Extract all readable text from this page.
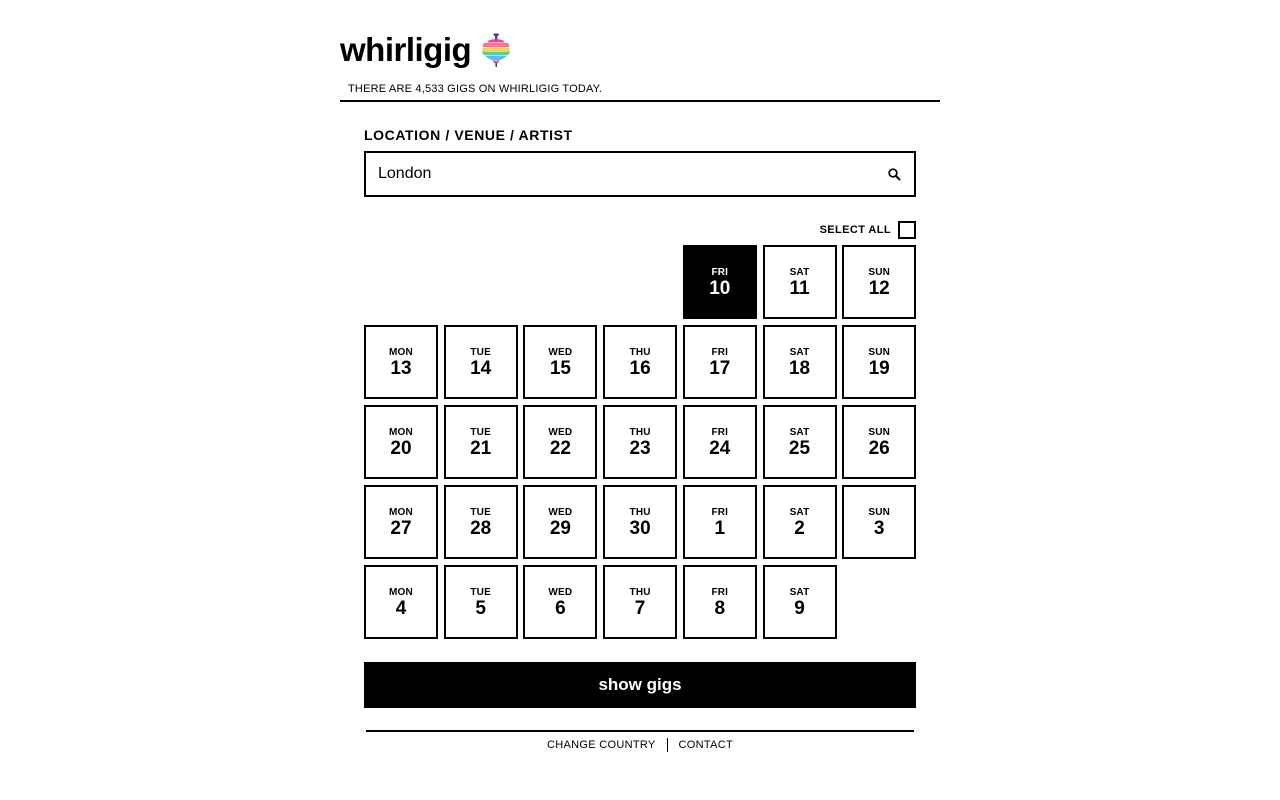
whirligig
THERE ARE 4,533 GIGS ON WHIRLIGIG TODAY.
LOCATION / VENUE / ARTIST
London
SELECT ALL
FRI
10
SAT
11
SUN
12
MON
13
TUE
14
WED
15
THU
16
FRI
17
SAT
18
SUN
19
MON
20
TUE
21
WED
22
THU
23
FRI
24
SAT
25
SUN
26
MON
27
TUE
28
WED
29
THU
30
FRI
1
SAT
2
SUN
3
MON
4
TUE
5
WED
6
THU
7
FRI
8
SAT
9
show gigs
CHANGE COUNTRY CONTACT
